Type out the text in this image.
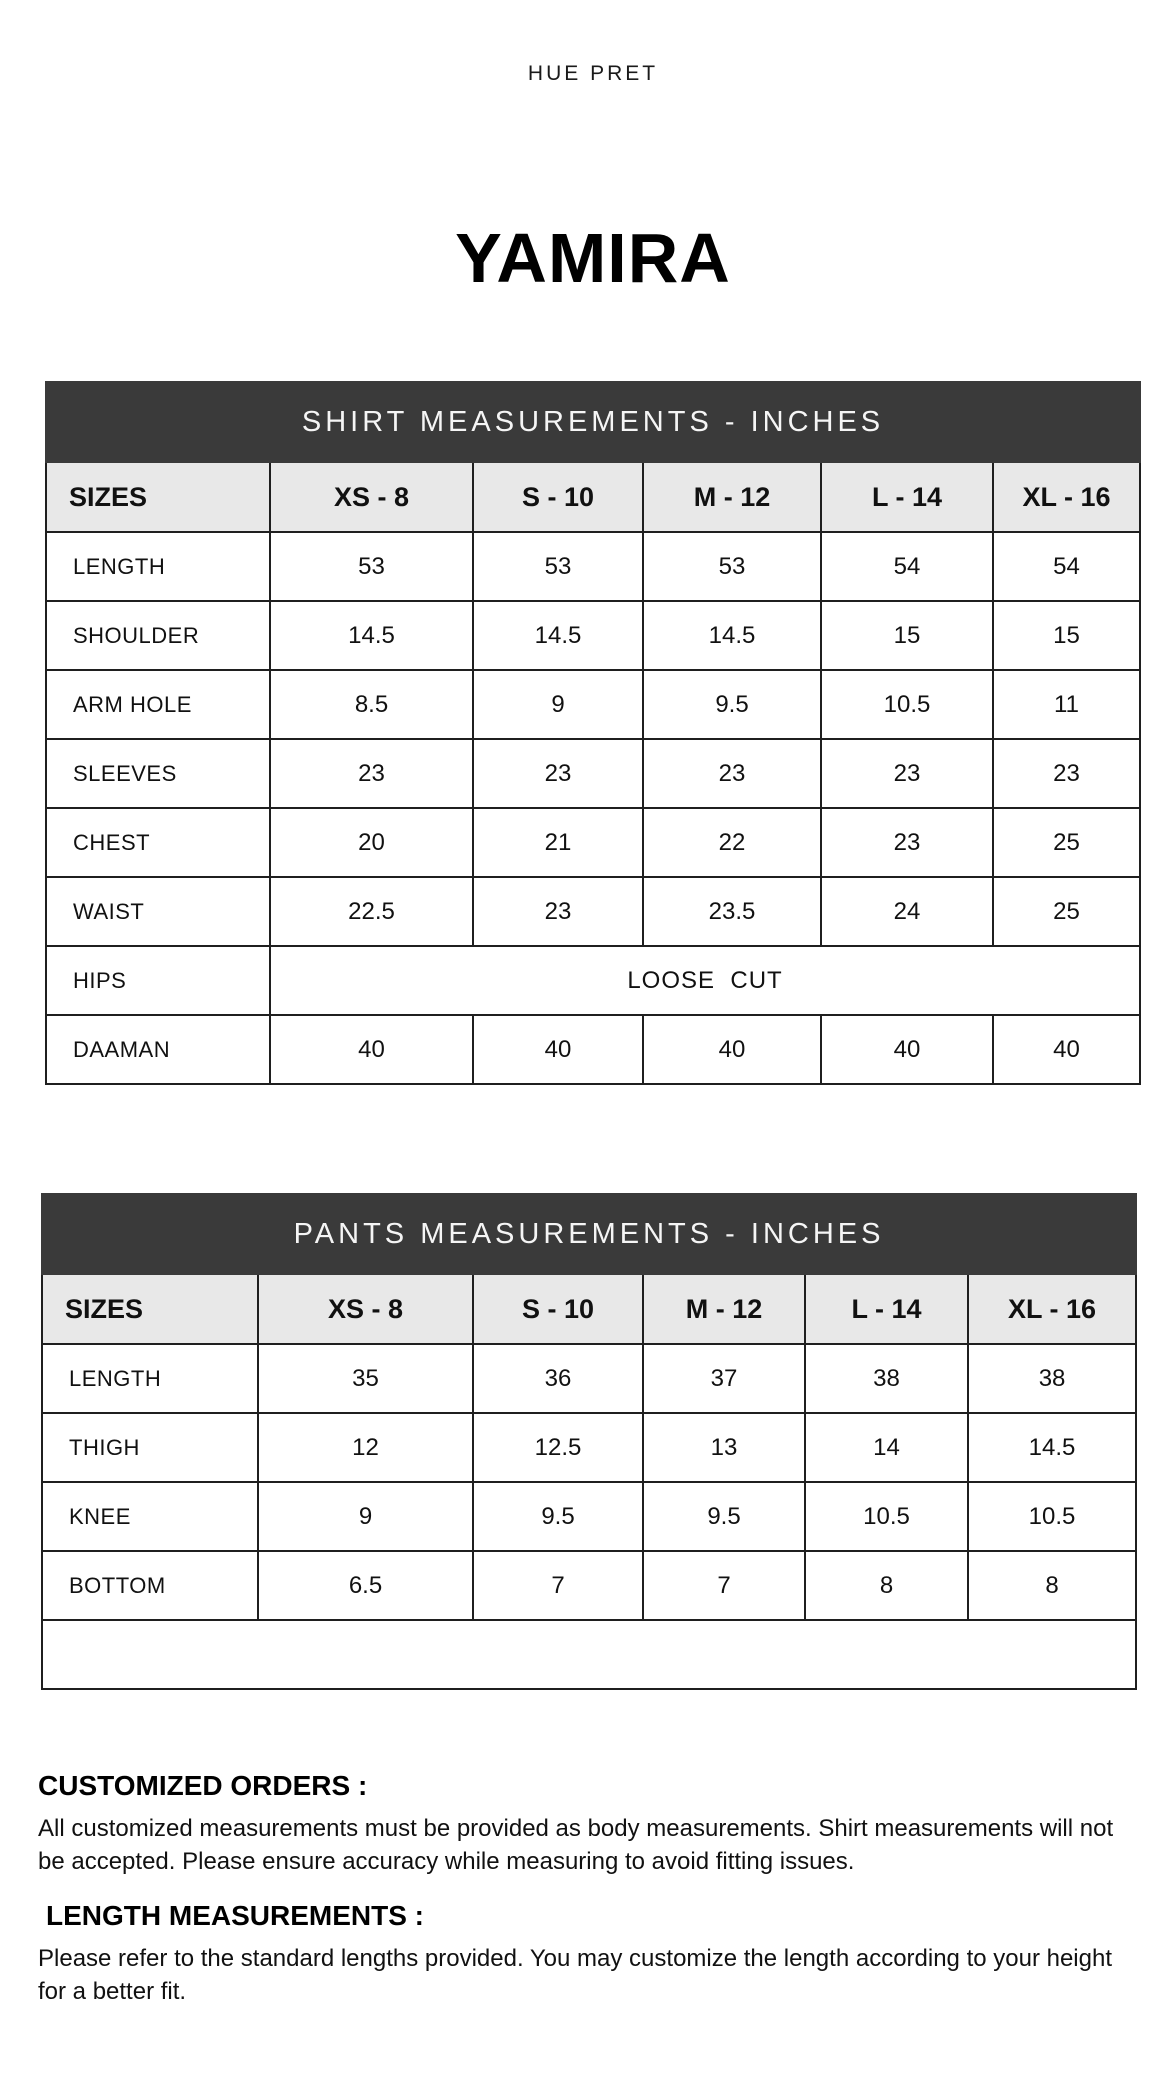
HUE PRET
YAMIRA
SHIRT MEASUREMENTS - INCHES					
SIZES	XS - 8	S - 10	M - 12	L - 14	XL - 16
LENGTH	53	53	53	54	54
SHOULDER	14.5	14.5	14.5	15	15
ARM HOLE	8.5	9	9.5	10.5	11
SLEEVES	23	23	23	23	23
CHEST	20	21	22	23	25
WAIST	22.5	23	23.5	24	25
HIPS	LOOSE  CUT				
DAAMAN	40	40	40	40	40
PANTS MEASUREMENTS - INCHES					
SIZES	XS - 8	S - 10	M - 12	L - 14	XL - 16
LENGTH	35	36	37	38	38
THIGH	12	12.5	13	14	14.5
KNEE	9	9.5	9.5	10.5	10.5
BOTTOM	6.5	7	7	8	8

CUSTOMIZED ORDERS :

All customized measurements must be provided as body measurements. Shirt measurements will not be accepted. Please ensure accuracy while measuring to avoid fitting issues.

LENGTH MEASUREMENTS :

Please refer to the standard lengths provided. You may customize the length according to your height for a better fit.
